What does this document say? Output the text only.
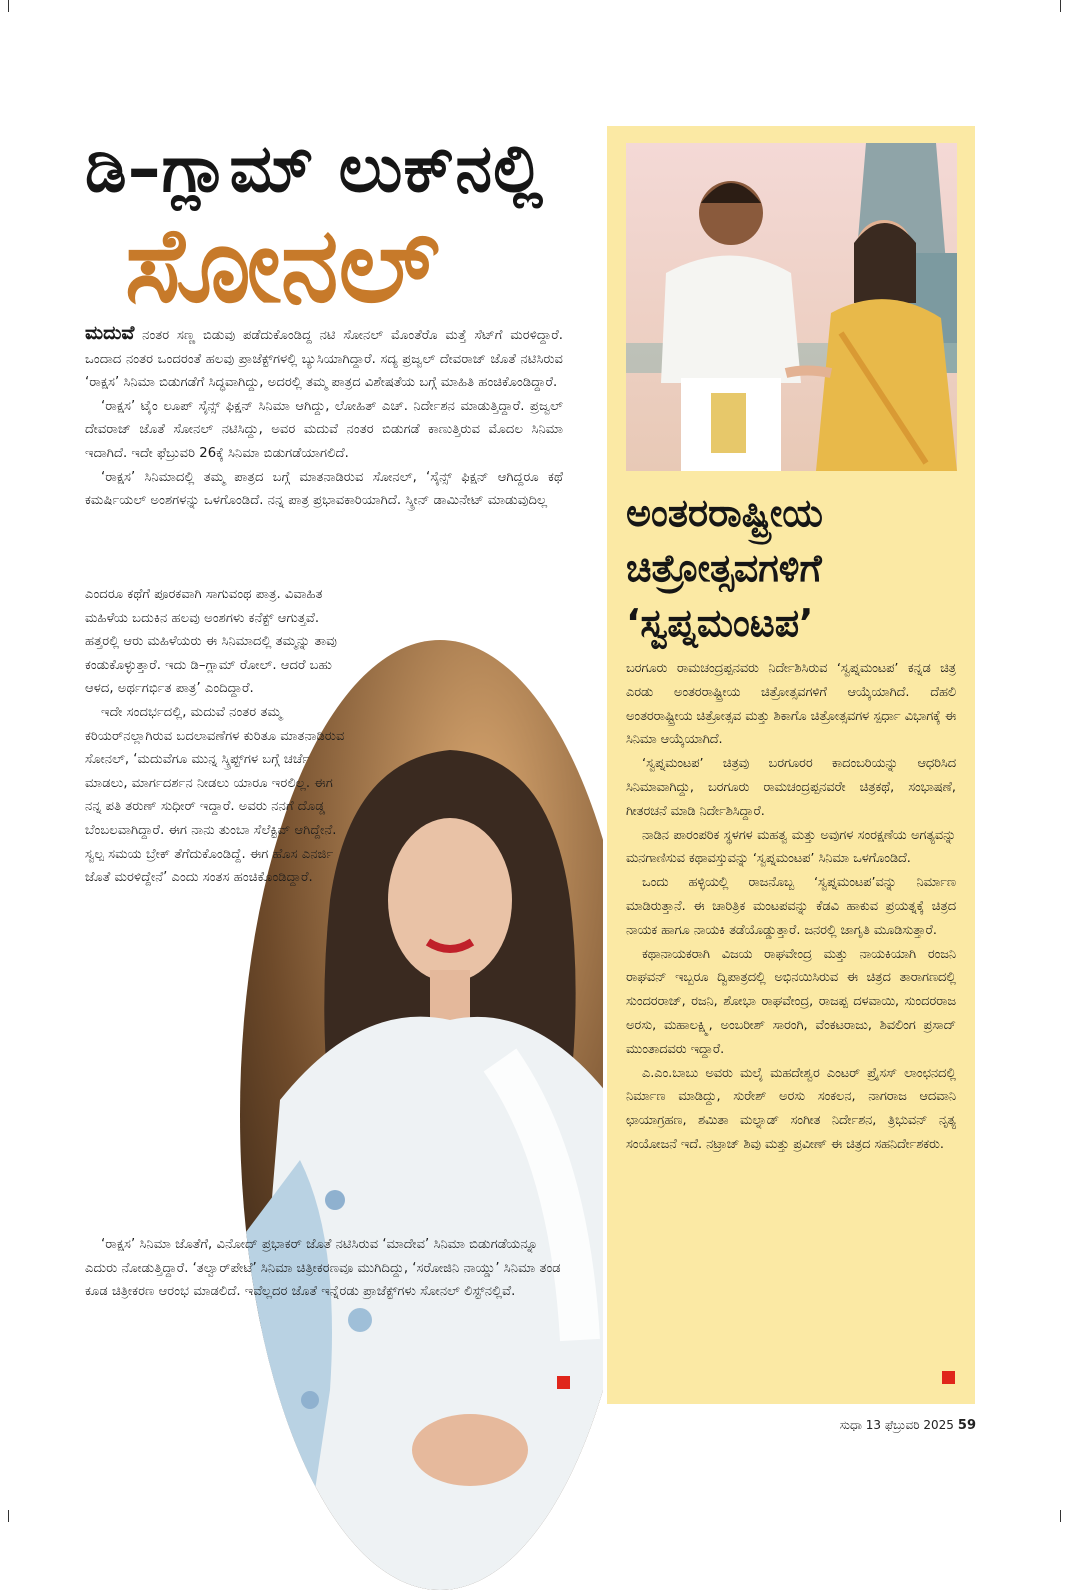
ಡಿ–ಗ್ಲಾಮ್ ಲುಕ್‌ನಲ್ಲಿ
ಸೋನಲ್

ಮದುವೆ ನಂತರ ಸಣ್ಣ ಬಿಡುವು ಪಡೆದುಕೊಂಡಿದ್ದ ನಟಿ ಸೋನಲ್ ಮೊಂತೆರೊ ಮತ್ತೆ ಸೆಟ್‌ಗೆ ಮರಳಿದ್ದಾರೆ. ಒಂದಾದ ನಂತರ ಒಂದರಂತೆ ಹಲವು ಪ್ರಾಜೆಕ್ಟ್‌ಗಳಲ್ಲಿ ಬ್ಯುಸಿಯಾಗಿದ್ದಾರೆ. ಸದ್ಯ ಪ್ರಜ್ವಲ್ ದೇವರಾಜ್ ಜೊತೆ ನಟಿಸಿರುವ ‘ರಾಕ್ಷಸ’ ಸಿನಿಮಾ ಬಿಡುಗಡೆಗೆ ಸಿದ್ಧವಾಗಿದ್ದು, ಅದರಲ್ಲಿ ತಮ್ಮ ಪಾತ್ರದ ವಿಶೇಷತೆಯ ಬಗ್ಗೆ ಮಾಹಿತಿ ಹಂಚಿಕೊಂಡಿದ್ದಾರೆ.

‘ರಾಕ್ಷಸ’ ಟೈಂ ಲೂಪ್ ಸೈನ್ಸ್ ಫಿಕ್ಷನ್ ಸಿನಿಮಾ ಆಗಿದ್ದು, ಲೋಹಿತ್ ಎಚ್. ನಿರ್ದೇಶನ ಮಾಡುತ್ತಿದ್ದಾರೆ. ಪ್ರಜ್ವಲ್ ದೇವರಾಜ್ ಜೊತೆ ಸೋನಲ್ ನಟಿಸಿದ್ದು, ಅವರ ಮದುವೆ ನಂತರ ಬಿಡುಗಡೆ ಕಾಣುತ್ತಿರುವ ಮೊದಲ ಸಿನಿಮಾ ಇದಾಗಿದೆ. ಇದೇ ಫೆಬ್ರುವರಿ 26ಕ್ಕೆ ಸಿನಿಮಾ ಬಿಡುಗಡೆಯಾಗಲಿದೆ.

‘ರಾಕ್ಷಸ’ ಸಿನಿಮಾದಲ್ಲಿ ತಮ್ಮ ಪಾತ್ರದ ಬಗ್ಗೆ ಮಾತನಾಡಿರುವ ಸೋನಲ್, ‘ಸೈನ್ಸ್ ಫಿಕ್ಷನ್ ಆಗಿದ್ದರೂ ಕಥೆ ಕಮರ್ಷಿಯಲ್ ಅಂಶಗಳನ್ನು ಒಳಗೊಂಡಿದೆ. ನನ್ನ ಪಾತ್ರ ಪ್ರಭಾವಕಾರಿಯಾಗಿದೆ. ಸ್ಕ್ರೀನ್ ಡಾಮಿನೇಟ್ ಮಾಡುವುದಿಲ್ಲ

ಎಂದರೂ ಕಥೆಗೆ ಪೂರಕವಾಗಿ ಸಾಗುವಂಥ ಪಾತ್ರ. ವಿವಾಹಿತ ಮಹಿಳೆಯ ಬದುಕಿನ ಹಲವು ಅಂಶಗಳು ಕನೆಕ್ಟ್ ಆಗುತ್ತವೆ. ಹತ್ತರಲ್ಲಿ ಆರು ಮಹಿಳೆಯರು ಈ ಸಿನಿಮಾದಲ್ಲಿ ತಮ್ಮನ್ನು ತಾವು ಕಂಡುಕೊಳ್ಳುತ್ತಾರೆ. ಇದು ಡಿ–ಗ್ಲಾಮ್ ರೋಲ್. ಆದರೆ ಬಹು ಆಳದ, ಅರ್ಥಗರ್ಭಿತ ಪಾತ್ರ’ ಎಂದಿದ್ದಾರೆ.

ಇದೇ ಸಂದರ್ಭದಲ್ಲಿ, ಮದುವೆ ನಂತರ ತಮ್ಮ ಕರಿಯರ್‌ನಲ್ಲಾಗಿರುವ ಬದಲಾವಣೆಗಳ ಕುರಿತೂ ಮಾತನಾಡಿರುವ ಸೋನಲ್, ‘ಮದುವೆಗೂ ಮುನ್ನ ಸ್ಕ್ರಿಪ್ಟ್‌ಗಳ ಬಗ್ಗೆ ಚರ್ಚೆ ಮಾಡಲು, ಮಾರ್ಗದರ್ಶನ ನೀಡಲು ಯಾರೂ ಇರಲಿಲ್ಲ. ಈಗ ನನ್ನ ಪತಿ ತರುಣ್ ಸುಧೀರ್ ಇದ್ದಾರೆ. ಅವರು ನನಗೆ ದೊಡ್ಡ ಬೆಂಬಲವಾಗಿದ್ದಾರೆ. ಈಗ ನಾನು ತುಂಬಾ ಸೆಲೆಕ್ಟಿವ್ ಆಗಿದ್ದೇನೆ. ಸ್ವಲ್ಪ ಸಮಯ ಬ್ರೇಕ್ ತೆಗೆದುಕೊಂಡಿದ್ದೆ. ಈಗ ಹೊಸ ಎನರ್ಜಿ ಜೊತೆ ಮರಳಿದ್ದೇನೆ’ ಎಂದು ಸಂತಸ ಹಂಚಿಕೊಂಡಿದ್ದಾರೆ.

‘ರಾಕ್ಷಸ’ ಸಿನಿಮಾ ಜೊತೆಗೆ, ವಿನೋದ್ ಪ್ರಭಾಕರ್ ಜೊತೆ ನಟಿಸಿರುವ ‘ಮಾದೇವ’ ಸಿನಿಮಾ ಬಿಡುಗಡೆಯನ್ನೂ ಎದುರು ನೋಡುತ್ತಿದ್ದಾರೆ. ‘ತಲ್ವಾರ್‌ಪೇಟೆ’ ಸಿನಿಮಾ ಚಿತ್ರೀಕರಣವೂ ಮುಗಿದಿದ್ದು, ‘ಸರೋಜಿನಿ ನಾಯ್ಡು’ ಸಿನಿಮಾ ತಂಡ ಕೂಡ ಚಿತ್ರೀಕರಣ ಆರಂಭ ಮಾಡಲಿದೆ. ಇವೆಲ್ಲದರ ಜೊತೆ ಇನ್ನೆರಡು ಪ್ರಾಜೆಕ್ಟ್‌ಗಳು ಸೋನಲ್ ಲಿಸ್ಟ್‌ನಲ್ಲಿವೆ.

ಅಂತರರಾಷ್ಟ್ರೀಯ
ಚಿತ್ರೋತ್ಸವಗಳಿಗೆ
‘ಸ್ವಪ್ನಮಂಟಪ’

ಬರಗೂರು ರಾಮಚಂದ್ರಪ್ಪನವರು ನಿರ್ದೇಶಿಸಿರುವ ‘ಸ್ವಪ್ನಮಂಟಪ’ ಕನ್ನಡ ಚಿತ್ರ ಎರಡು ಅಂತರರಾಷ್ಟ್ರೀಯ ಚಿತ್ರೋತ್ಸವಗಳಿಗೆ ಆಯ್ಕೆಯಾಗಿದೆ. ದೆಹಲಿ ಅಂತರರಾಷ್ಟ್ರೀಯ ಚಿತ್ರೋತ್ಸವ ಮತ್ತು ಶಿಕಾಗೊ ಚಿತ್ರೋತ್ಸವಗಳ ಸ್ಪರ್ಧಾ ವಿಭಾಗಕ್ಕೆ ಈ ಸಿನಿಮಾ ಆಯ್ಕೆಯಾಗಿದೆ.

‘ಸ್ವಪ್ನಮಂಟಪ’ ಚಿತ್ರವು ಬರಗೂರರ ಕಾದಂಬರಿಯನ್ನು ಆಧರಿಸಿದ ಸಿನಿಮಾವಾಗಿದ್ದು, ಬರಗೂರು ರಾಮಚಂದ್ರಪ್ಪನವರೇ ಚಿತ್ರಕಥೆ, ಸಂಭಾಷಣೆ, ಗೀತರಚನೆ ಮಾಡಿ ನಿರ್ದೇಶಿಸಿದ್ದಾರೆ.

ನಾಡಿನ ಪಾರಂಪರಿಕ ಸ್ಥಳಗಳ ಮಹತ್ವ ಮತ್ತು ಅವುಗಳ ಸಂರಕ್ಷಣೆಯ ಅಗತ್ಯವನ್ನು ಮನಗಾಣಿಸುವ ಕಥಾವಸ್ತುವನ್ನು ‘ಸ್ವಪ್ನಮಂಟಪ’ ಸಿನಿಮಾ ಒಳಗೊಂಡಿದೆ.

ಒಂದು ಹಳ್ಳಿಯಲ್ಲಿ ರಾಜನೊಬ್ಬ ‘ಸ್ವಪ್ನಮಂಟಪ’ವನ್ನು ನಿರ್ಮಾಣ ಮಾಡಿರುತ್ತಾನೆ. ಈ ಚಾರಿತ್ರಿಕ ಮಂಟಪವನ್ನು ಕೆಡವಿ ಹಾಕುವ ಪ್ರಯತ್ನಕ್ಕೆ ಚಿತ್ರದ ನಾಯಕ ಹಾಗೂ ನಾಯಕಿ ತಡೆಯೊಡ್ಡುತ್ತಾರೆ. ಜನರಲ್ಲಿ ಜಾಗೃತಿ ಮೂಡಿಸುತ್ತಾರೆ.

ಕಥಾನಾಯಕರಾಗಿ ವಿಜಯ ರಾಘವೇಂದ್ರ ಮತ್ತು ನಾಯಕಿಯಾಗಿ ರಂಜನಿ ರಾಘವನ್ ಇಬ್ಬರೂ ದ್ವಿಪಾತ್ರದಲ್ಲಿ ಅಭಿನಯಿಸಿರುವ ಈ ಚಿತ್ರದ ತಾರಾಗಣದಲ್ಲಿ ಸುಂದರರಾಜ್, ರಜನಿ, ಶೋಭಾ ರಾಘವೇಂದ್ರ, ರಾಜಪ್ಪ ದಳವಾಯಿ, ಸುಂದರರಾಜ ಅರಸು, ಮಹಾಲಕ್ಷ್ಮಿ, ಅಂಬರೀಶ್ ಸಾರಂಗಿ, ವೆಂಕಟರಾಜು, ಶಿವಲಿಂಗ ಪ್ರಸಾದ್ ಮುಂತಾದವರು ಇದ್ದಾರೆ.

ಎ.ಎಂ.ಬಾಬು ಅವರು ಮಲೈ ಮಹದೇಶ್ವರ ಎಂಟರ್ ಪ್ರೈಸಸ್ ಲಾಂಛನದಲ್ಲಿ ನಿರ್ಮಾಣ ಮಾಡಿದ್ದು, ಸುರೇಶ್ ಅರಸು ಸಂಕಲನ, ನಾಗರಾಜ ಆದವಾನಿ ಛಾಯಾಗ್ರಹಣ, ಶಮಿತಾ ಮಲ್ನಾಡ್ ಸಂಗೀತ ನಿರ್ದೇಶನ, ತ್ರಿಭುವನ್ ನೃತ್ಯ ಸಂಯೋಜನೆ ಇದೆ. ನಟ್ರಾಜ್ ಶಿವು ಮತ್ತು ಪ್ರವೀಣ್ ಈ ಚಿತ್ರದ ಸಹನಿರ್ದೇಶಕರು.

ಸುಧಾ 13 ಫೆಬ್ರುವರಿ 2025 59
